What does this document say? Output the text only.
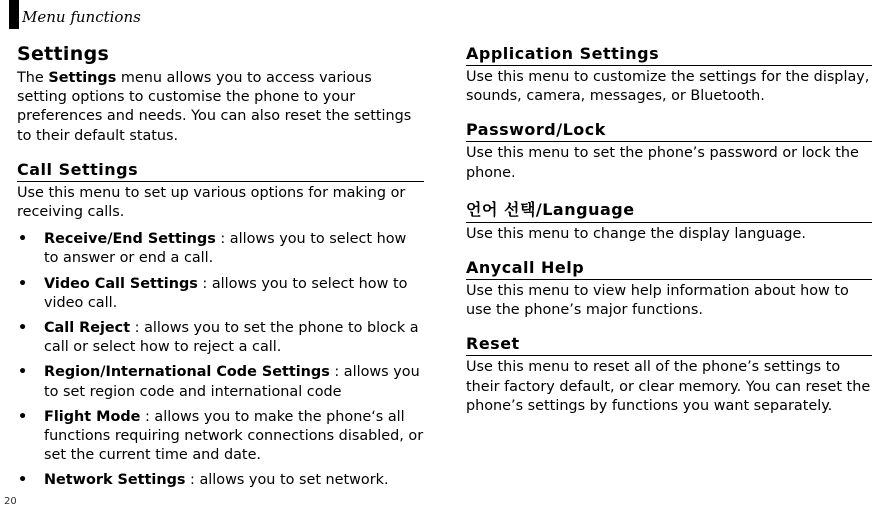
Menu functions
Settings

The Settings menu allows you to access various setting options to customise the phone to your preferences and needs. You can also reset the settings to their default status.

Call Settings

Use this menu to set up various options for making or receiving calls.

• Receive/End Settings : allows you to select how to answer or end a call.
• Video Call Settings : allows you to select how to video call.
• Call Reject : allows you to set the phone to block a call or select how to reject a call.
• Region/International Code Settings : allows you to set region code and international code
• Flight Mode : allows you to make the phone‘s all functions requiring network connections disabled, or set the current time and date.
• Network Settings : allows you to set network.
Application Settings

Use this menu to customize the settings for the display, sounds, camera, messages, or Bluetooth.

Password/Lock

Use this menu to set the phone’s password or lock the phone.

언어 선택/Language

Use this menu to change the display language.

Anycall Help

Use this menu to view help information about how to use the phone’s major functions.

Reset

Use this menu to reset all of the phone’s settings to their factory default, or clear memory. You can reset the phone’s settings by functions you want separately.

20
